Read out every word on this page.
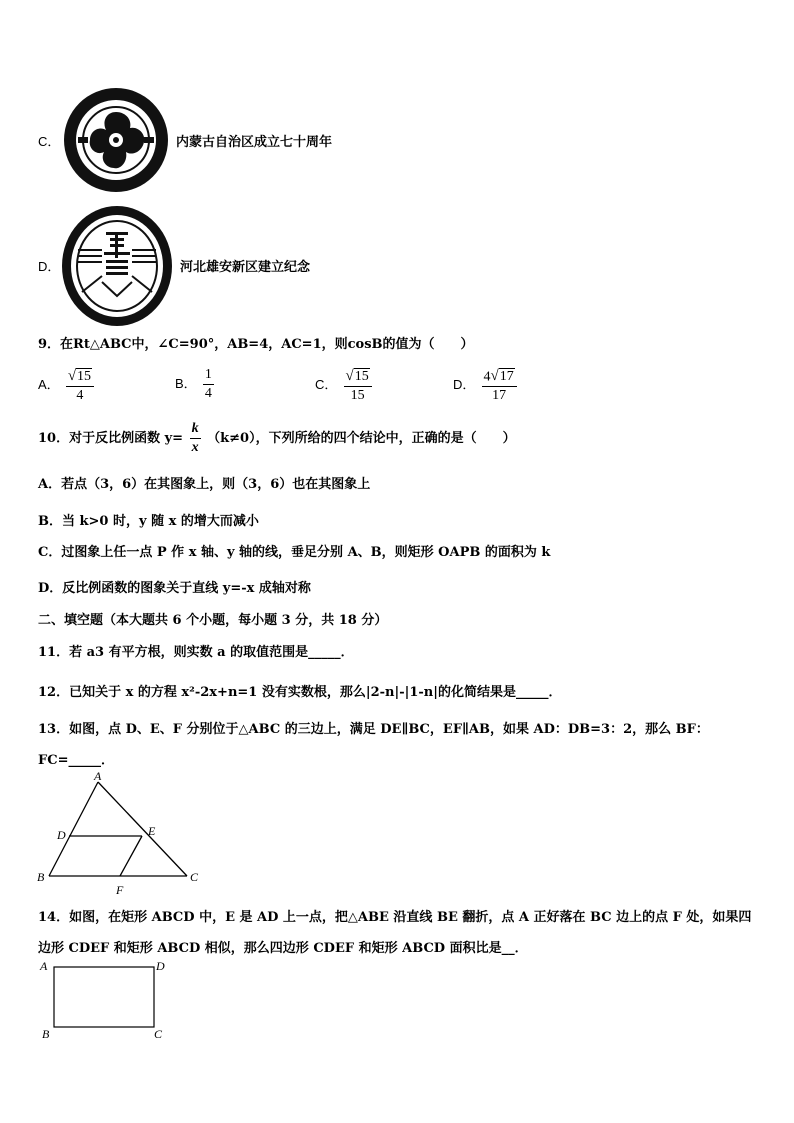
C．	内蒙古自治区成立七十周年
D．	河北雄安新区建立纪念
9．在Rt△ABC中，∠C=90°，AB=4，AC=1，则cosB的值为（　　）
A． $\frac{√ 15}{4}$	B． $\frac{1}{4}$	C． $\frac{√ 15}{15}$	D． $\frac{4 √ 17}{17}$
10．对于反比例函数 $y= \frac{k}{x} (k\ne 0)$，下列所给的四个结论中，正确的是（　　）
A．若点（3，6）在其图象上，则（3，6）也在其图象上
B．当 k>0 时，y 随 x 的增大而减小
C．过图象上任一点 P 作 x 轴、y 轴的线，垂足分别 A、B，则矩形 OAPB 的面积为 k
D．反比例函数的图象关于直线 y=-x 成轴对称
二、填空题（本大题共 6 个小题，每小题 3 分，共 18 分）
11．若 a3 有平方根，则实数 a 的取值范围是_____．
12．已知关于 x 的方程 x²-2x+n=1 没有实数根，那么|2-n|-|1-n|的化简结果是_____．
13．如图，点 D、E、F 分别位于△ABC 的三边上，满足 DE∥BC，EF∥AB，如果 AD：DB=3：2，那么 BF：
FC=_____．
A
D	E
B	C
F
14．如图，在矩形 ABCD 中，E 是 AD 上一点，把△ABE 沿直线 BE 翻折，点 A 正好落在 BC 边上的点 F 处，如果四
边形 CDEF 和矩形 ABCD 相似，那么四边形 CDEF 和矩形 ABCD 面积比是__．
A	D
B	C
